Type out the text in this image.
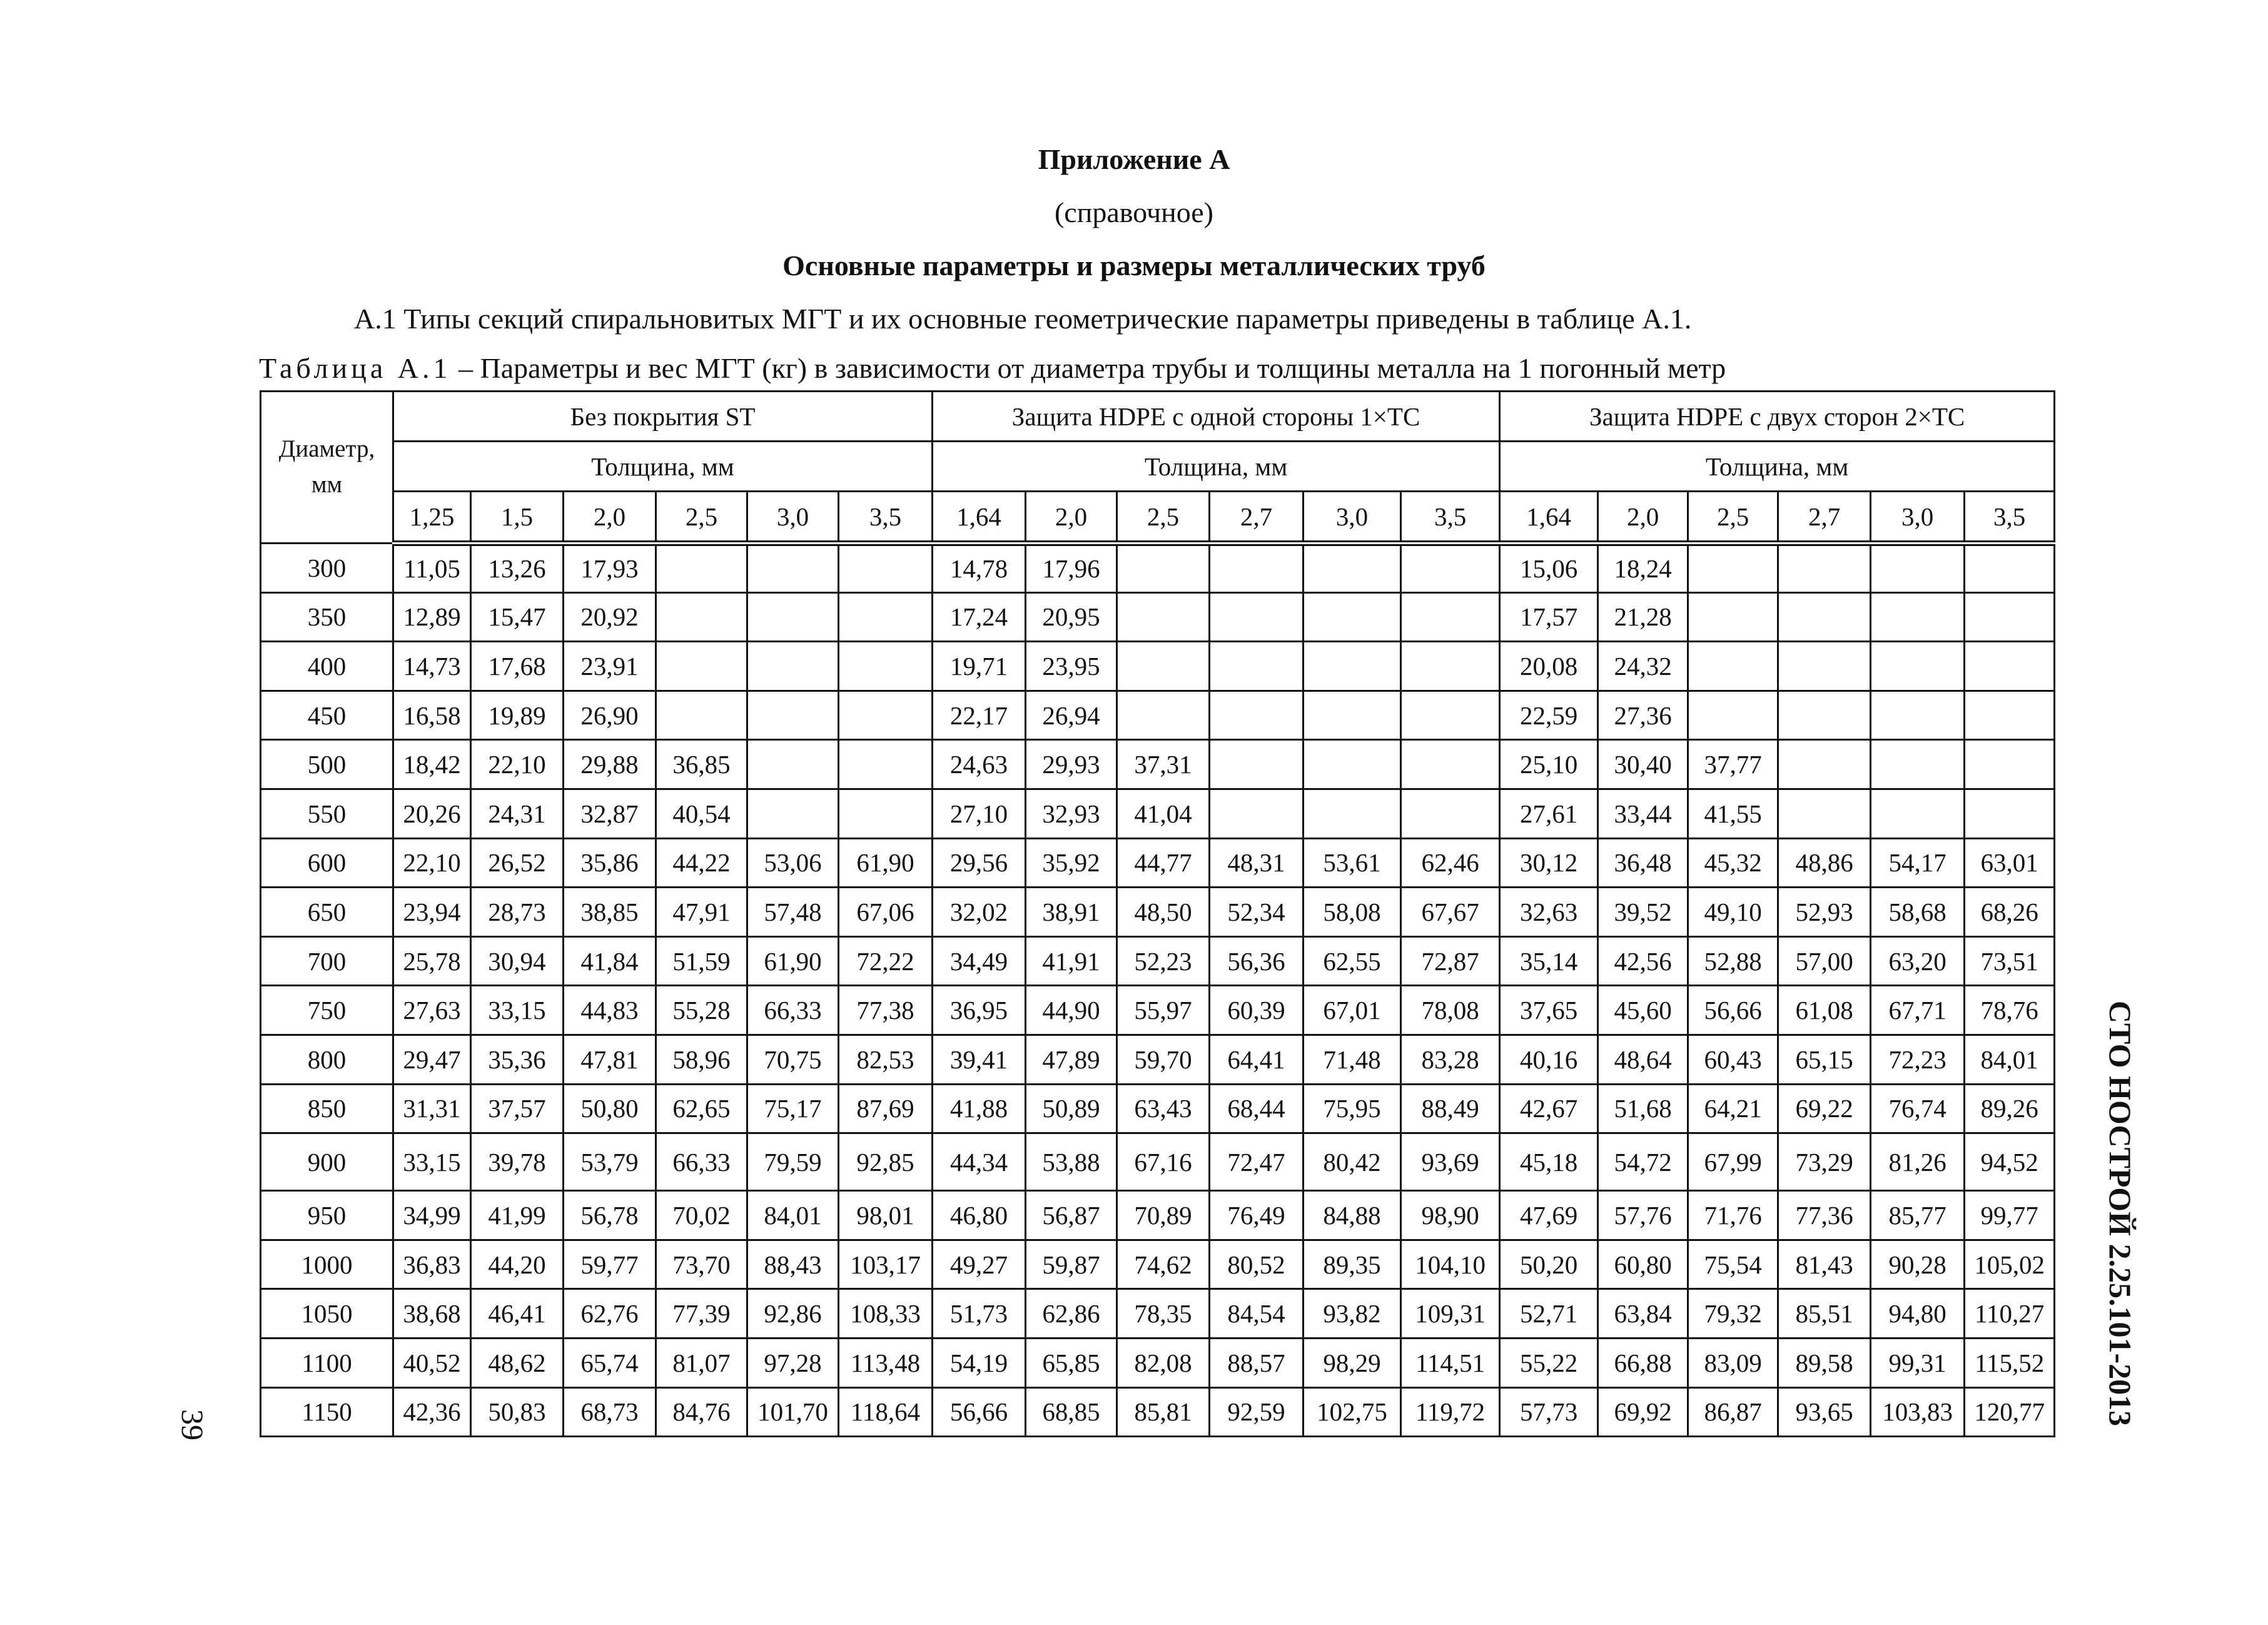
Приложение А
(справочное)
Основные параметры и размеры металлических труб
А.1 Типы секций спиральновитых МГТ и их основные геометрические параметры приведены в таблице А.1.
Таблица А.1 – Параметры и вес МГТ (кг) в зависимости от диаметра трубы и толщины металла на 1 погонный метр
Диаметр,
мм	Без покрытия ST						Защита HDPE с одной стороны 1×TC						Защита HDPE с двух сторон 2×TC					
	Толщина, мм						Толщина, мм						Толщина, мм					
	1,25	1,5	2,0	2,5	3,0	3,5	1,64	2,0	2,5	2,7	3,0	3,5	1,64	2,0	2,5	2,7	3,0	3,5
300	11,05	13,26	17,93				14,78	17,96					15,06	18,24				
350	12,89	15,47	20,92				17,24	20,95					17,57	21,28				
400	14,73	17,68	23,91				19,71	23,95					20,08	24,32				
450	16,58	19,89	26,90				22,17	26,94					22,59	27,36				
500	18,42	22,10	29,88	36,85			24,63	29,93	37,31				25,10	30,40	37,77			
550	20,26	24,31	32,87	40,54			27,10	32,93	41,04				27,61	33,44	41,55			
600	22,10	26,52	35,86	44,22	53,06	61,90	29,56	35,92	44,77	48,31	53,61	62,46	30,12	36,48	45,32	48,86	54,17	63,01
650	23,94	28,73	38,85	47,91	57,48	67,06	32,02	38,91	48,50	52,34	58,08	67,67	32,63	39,52	49,10	52,93	58,68	68,26
700	25,78	30,94	41,84	51,59	61,90	72,22	34,49	41,91	52,23	56,36	62,55	72,87	35,14	42,56	52,88	57,00	63,20	73,51
750	27,63	33,15	44,83	55,28	66,33	77,38	36,95	44,90	55,97	60,39	67,01	78,08	37,65	45,60	56,66	61,08	67,71	78,76
800	29,47	35,36	47,81	58,96	70,75	82,53	39,41	47,89	59,70	64,41	71,48	83,28	40,16	48,64	60,43	65,15	72,23	84,01
850	31,31	37,57	50,80	62,65	75,17	87,69	41,88	50,89	63,43	68,44	75,95	88,49	42,67	51,68	64,21	69,22	76,74	89,26
900	33,15	39,78	53,79	66,33	79,59	92,85	44,34	53,88	67,16	72,47	80,42	93,69	45,18	54,72	67,99	73,29	81,26	94,52
950	34,99	41,99	56,78	70,02	84,01	98,01	46,80	56,87	70,89	76,49	84,88	98,90	47,69	57,76	71,76	77,36	85,77	99,77
1000	36,83	44,20	59,77	73,70	88,43	103,17	49,27	59,87	74,62	80,52	89,35	104,10	50,20	60,80	75,54	81,43	90,28	105,02
1050	38,68	46,41	62,76	77,39	92,86	108,33	51,73	62,86	78,35	84,54	93,82	109,31	52,71	63,84	79,32	85,51	94,80	110,27
1100	40,52	48,62	65,74	81,07	97,28	113,48	54,19	65,85	82,08	88,57	98,29	114,51	55,22	66,88	83,09	89,58	99,31	115,52
1150	42,36	50,83	68,73	84,76	101,70	118,64	56,66	68,85	85,81	92,59	102,75	119,72	57,73	69,92	86,87	93,65	103,83	120,77
39	СТО НОСТРОЙ 2.25.101-2013
